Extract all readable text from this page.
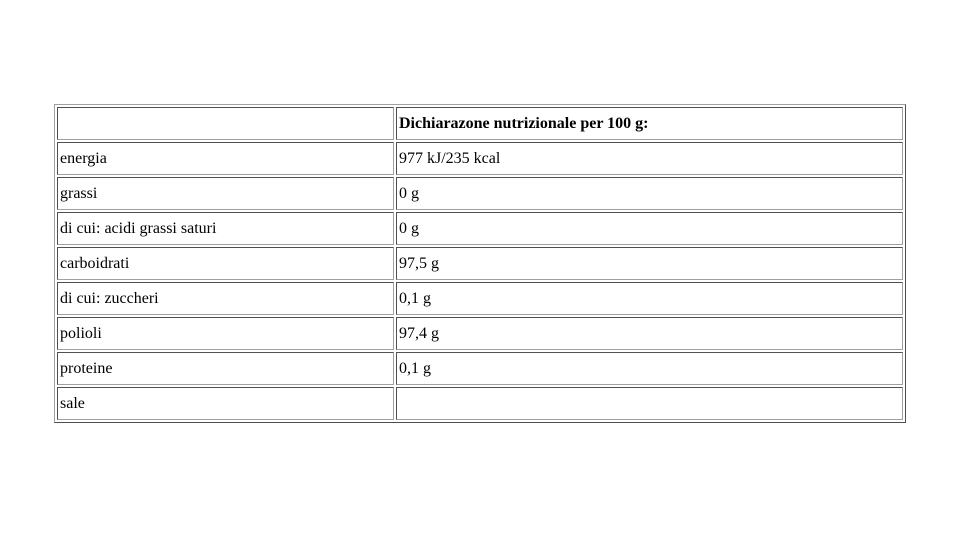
	Dichiarazone nutrizionale per 100 g:
energia	977 kJ/235 kcal
grassi	0 g
di cui: acidi grassi saturi	0 g
carboidrati	97,5 g
di cui: zuccheri	0,1 g
polioli	97,4 g
proteine	0,1 g
sale	
